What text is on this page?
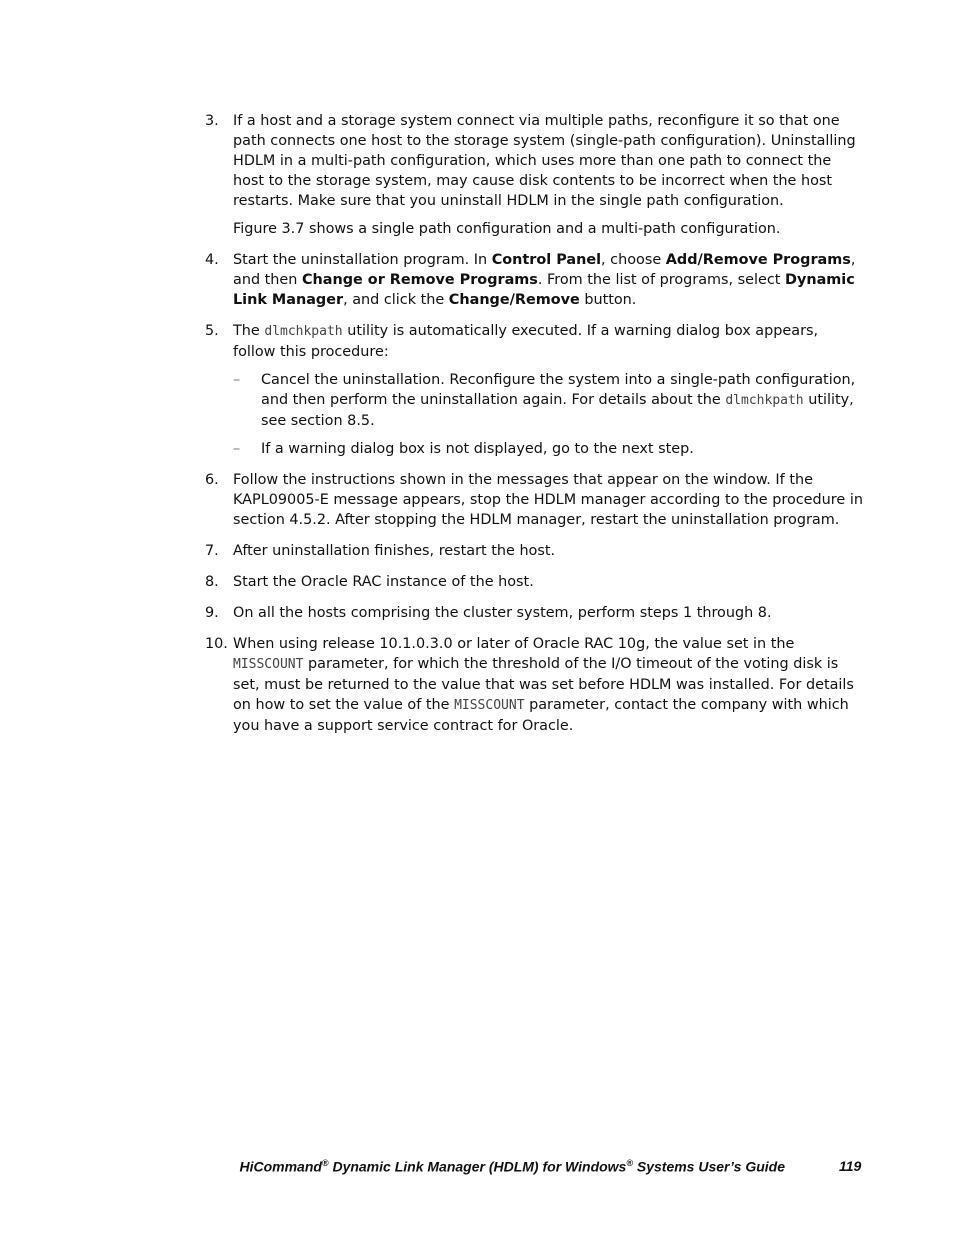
3. If a host and a storage system connect via multiple paths, reconfigure it so that one path connects one host to the storage system (single-path configuration). Uninstalling HDLM in a multi-path configuration, which uses more than one path to connect the host to the storage system, may cause disk contents to be incorrect when the host restarts. Make sure that you uninstall HDLM in the single path configuration.

Figure 3.7 shows a single path configuration and a multi-path configuration.

4. Start the uninstallation program. In Control Panel, choose Add/Remove Programs, and then Change or Remove Programs. From the list of programs, select Dynamic Link Manager, and click the Change/Remove button.

5. The dlmchkpath utility is automatically executed. If a warning dialog box appears, follow this procedure:

– Cancel the uninstallation. Reconfigure the system into a single-path configuration, and then perform the uninstallation again. For details about the dlmchkpath utility, see section 8.5.
– If a warning dialog box is not displayed, go to the next step.
6. Follow the instructions shown in the messages that appear on the window. If the KAPL09005-E message appears, stop the HDLM manager according to the procedure in section 4.5.2. After stopping the HDLM manager, restart the uninstallation program.

7. After uninstallation finishes, restart the host.

8. Start the Oracle RAC instance of the host.

9. On all the hosts comprising the cluster system, perform steps 1 through 8.

10. When using release 10.1.0.3.0 or later of Oracle RAC 10g, the value set in the MISSCOUNT parameter, for which the threshold of the I/O timeout of the voting disk is set, must be returned to the value that was set before HDLM was installed. For details on how to set the value of the MISSCOUNT parameter, contact the company with which you have a support service contract for Oracle.

HiCommand® Dynamic Link Manager (HDLM) for Windows® Systems User’s Guide	119
